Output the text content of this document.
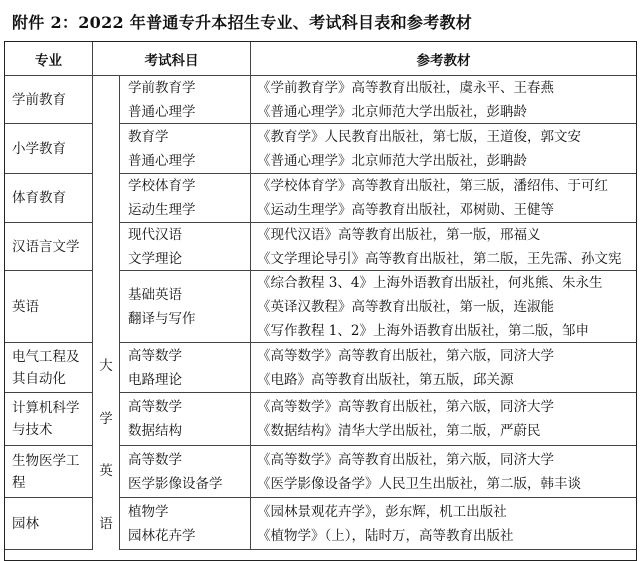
附件 2：2022 年普通专升本招生专业、考试科目表和参考教材
专业	考试科目	参考教材
大
学
英
语
学前教育
学前教育学
普通心理学
《学前教育学》高等教育出版社，虞永平、王春燕
《普通心理学》北京师范大学出版社，彭聃龄
小学教育
教育学
普通心理学
《教育学》人民教育出版社，第七版，王道俊，郭文安
《普通心理学》北京师范大学出版社，彭聃龄
体育教育
学校体育学
运动生理学
《学校体育学》高等教育出版社，第三版，潘绍伟、于可红
《运动生理学》高等教育出版社，邓树勋、王健等
汉语言文学
现代汉语
文学理论
《现代汉语》高等教育出版社，第一版，邢福义
《文学理论导引》高等教育出版社，第二版，王先霈、孙文宪
英语
基础英语
翻译与写作
《综合教程 3、4》上海外语教育出版社，何兆熊、朱永生
《英译汉教程》高等教育出版社，第一版，连淑能
《写作教程 1、2》上海外语教育出版社，第二版，邹申
电气工程及其自动化
高等数学
电路理论
《高等数学》高等教育出版社，第六版，同济大学
《电路》高等教育出版社，第五版，邱关源
计算机科学与技术
高等数学
数据结构
《高等数学》高等教育出版社，第六版，同济大学
《数据结构》清华大学出版社，第二版，严蔚民
生物医学工程
高等数学
医学影像设备学
《高等数学》高等教育出版社，第六版，同济大学
《医学影像设备学》人民卫生出版社，第二版，韩丰谈
园林
植物学
园林花卉学
《园林景观花卉学》，彭东辉，机工出版社
《植物学》（上），陆时万，高等教育出版社
